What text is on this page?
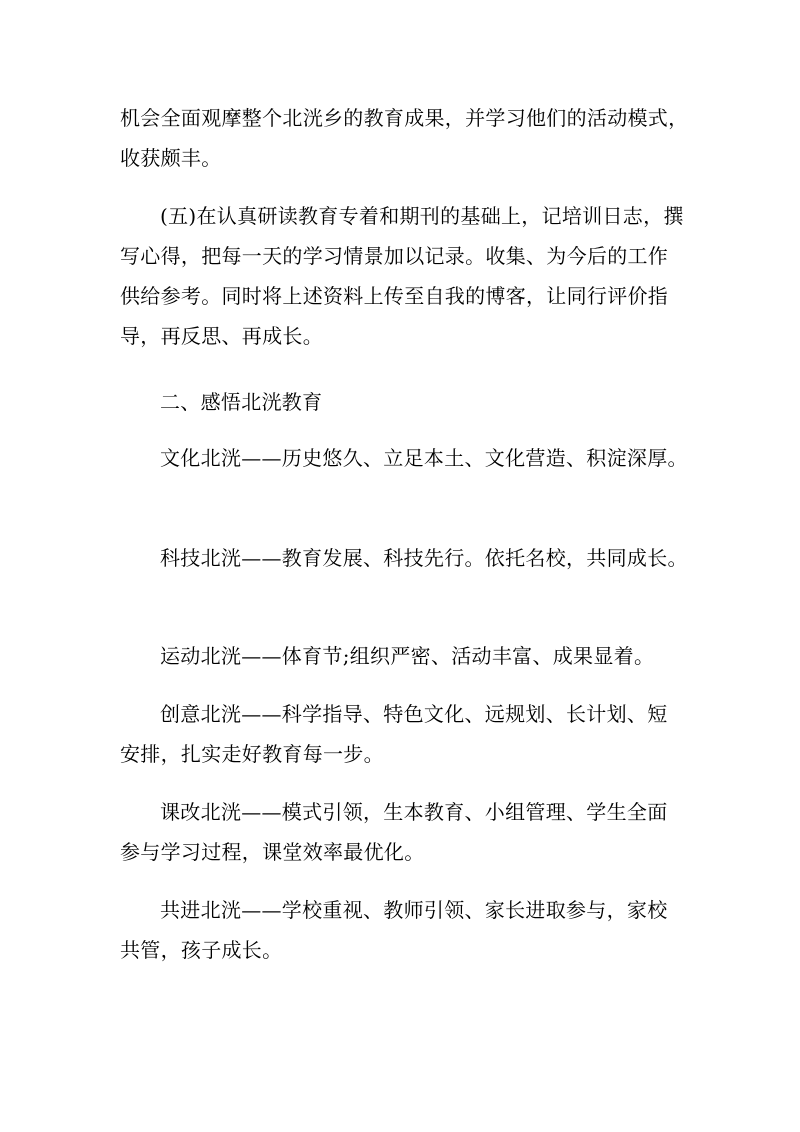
机会全面观摩整个北洸乡的教育成果，并学习他们的活动模式，
收获颇丰。

(五)在认真研读教育专着和期刊的基础上，记培训日志，撰
写心得，把每一天的学习情景加以记录。收集、为今后的工作
供给参考。同时将上述资料上传至自我的博客，让同行评价指
导，再反思、再成长。

二、感悟北洸教育

文化北洸——历史悠久、立足本土、文化营造、积淀深厚。

科技北洸——教育发展、科技先行。依托名校，共同成长。

运动北洸——体育节;组织严密、活动丰富、成果显着。

创意北洸——科学指导、特色文化、远规划、长计划、短
安排，扎实走好教育每一步。

课改北洸——模式引领，生本教育、小组管理、学生全面
参与学习过程，课堂效率最优化。

共进北洸——学校重视、教师引领、家长进取参与，家校
共管，孩子成长。
